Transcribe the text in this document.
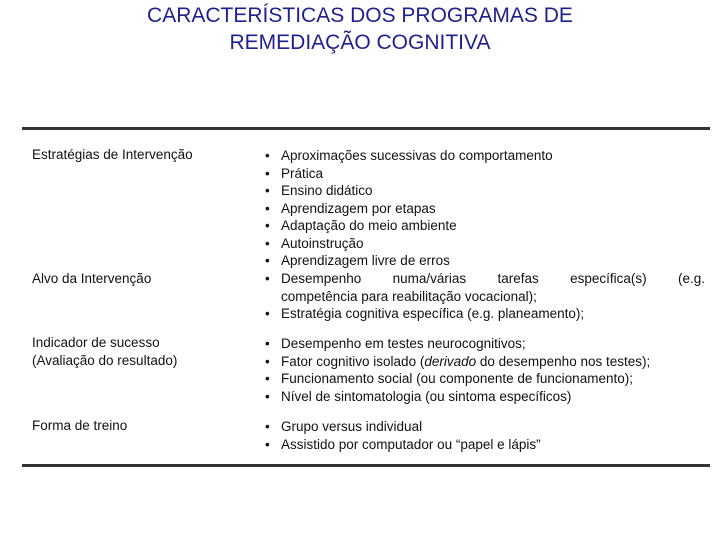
CARACTERÍSTICAS DOS PROGRAMAS DE
REMEDIAÇÃO COGNITIVA
Estratégias de Intervenção	• Aproximações sucessivas do comportamento
• Prática
• Ensino didático
• Aprendizagem por etapas
• Adaptação do meio ambiente
• Autoinstrução
• Aprendizagem livre de erros
Alvo da Intervenção	• Desempenho numa/várias tarefas específica(s) (e.g.
competência para reabilitação vocacional);
• Estratégia cognitiva específica (e.g. planeamento);
Indicador de sucesso
(Avaliação do resultado)
• Desempenho em testes neurocognitivos;
• Fator cognitivo isolado (derivado do desempenho nos testes);
• Funcionamento social (ou componente de funcionamento);
• Nível de sintomatologia (ou sintoma específicos)
Forma de treino	• Grupo versus individual
• Assistido por computador ou “papel e lápis”
